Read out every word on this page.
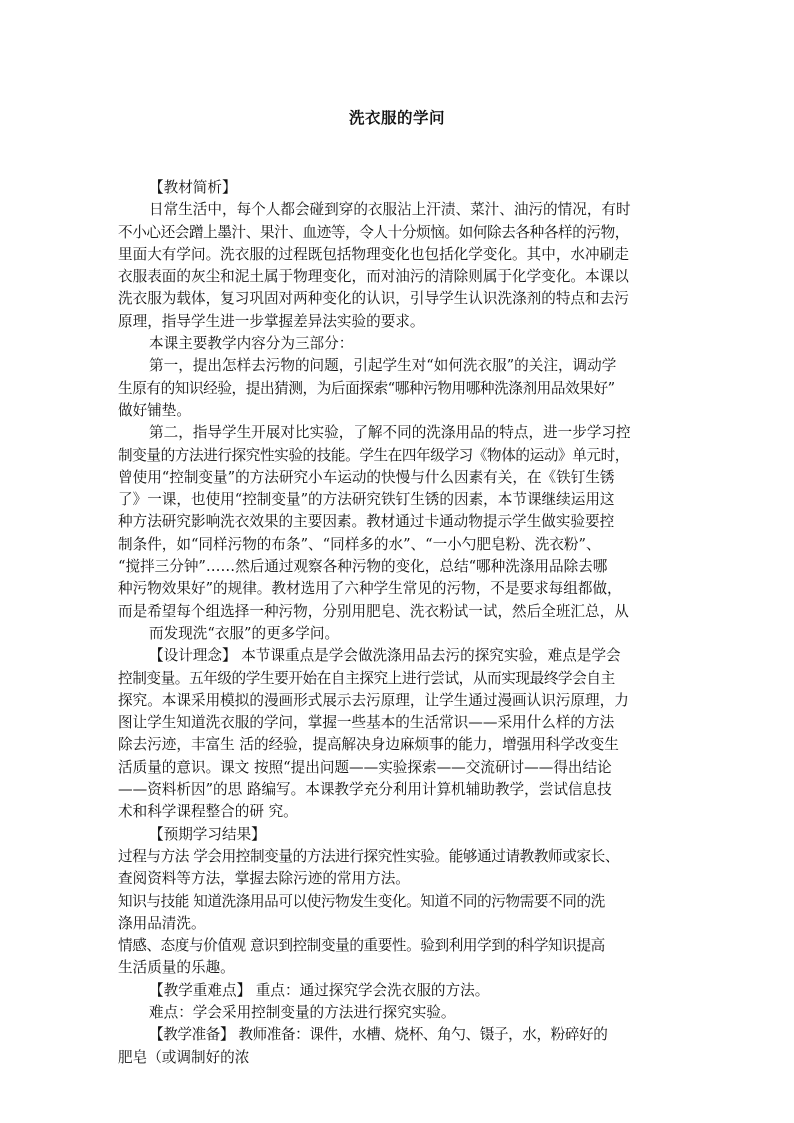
洗衣服的学问
【教材简析】
日常生活中，每个人都会碰到穿的衣服沾上汗渍、菜汁、油污的情况，有时
不小心还会蹭上墨汁、果汁、血迹等，令人十分烦恼。如何除去各种各样的污物，
里面大有学问。洗衣服的过程既包括物理变化也包括化学变化。其中，水冲刷走
衣服表面的灰尘和泥土属于物理变化，而对油污的清除则属于化学变化。本课以
洗衣服为载体，复习巩固对两种变化的认识，引导学生认识洗涤剂的特点和去污
原理，指导学生进一步掌握差异法实验的要求。
本课主要教学内容分为三部分：
第一，提出怎样去污物的问题，引起学生对“如何洗衣服”的关注，调动学
生原有的知识经验，提出猜测，为后面探索“哪种污物用哪种洗涤剂用品效果好”
做好铺垫。
第二，指导学生开展对比实验，了解不同的洗涤用品的特点，进一步学习控
制变量的方法进行探究性实验的技能。学生在四年级学习《物体的运动》单元时，
曾使用“控制变量”的方法研究小车运动的快慢与什么因素有关，在《铁钉生锈
了》一课，也使用“控制变量”的方法研究铁钉生锈的因素，本节课继续运用这
种方法研究影响洗衣效果的主要因素。教材通过卡通动物提示学生做实验要控
制条件，如“同样污物的布条”、“同样多的水”、“一小勺肥皂粉、洗衣粉”、
“搅拌三分钟”……然后通过观察各种污物的变化，总结“哪种洗涤用品除去哪
种污物效果好”的规律。教材选用了六种学生常见的污物，不是要求每组都做，
而是希望每个组选择一种污物，分别用肥皂、洗衣粉试一试，然后全班汇总，从
而发现洗“衣服”的更多学问。
【设计理念】 本节课重点是学会做洗涤用品去污的探究实验，难点是学会
控制变量。五年级的学生要开始在自主探究上进行尝试，从而实现最终学会自主
探究。本课采用模拟的漫画形式展示去污原理，让学生通过漫画认识污原理，力
图让学生知道洗衣服的学问，掌握一些基本的生活常识——采用什么样的方法
除去污迹，丰富生 活的经验，提高解决身边麻烦事的能力，增强用科学改变生
活质量的意识。课文 按照“提出问题——实验探索——交流研讨——得出结论
——资料析因”的思 路编写。本课教学充分利用计算机辅助教学，尝试信息技
术和科学课程整合的研 究。
【预期学习结果】
过程与方法 学会用控制变量的方法进行探究性实验。能够通过请教教师或家长、
查阅资料等方法，掌握去除污迹的常用方法。
知识与技能 知道洗涤用品可以使污物发生变化。知道不同的污物需要不同的洗
涤用品清洗。
情感、态度与价值观 意识到控制变量的重要性。验到利用学到的科学知识提高
生活质量的乐趣。
【教学重难点】 重点：通过探究学会洗衣服的方法。
难点：学会采用控制变量的方法进行探究实验。
【教学准备】 教师准备：课件，水槽、烧杯、角勺、镊子，水，粉碎好的
肥皂（或调制好的浓
